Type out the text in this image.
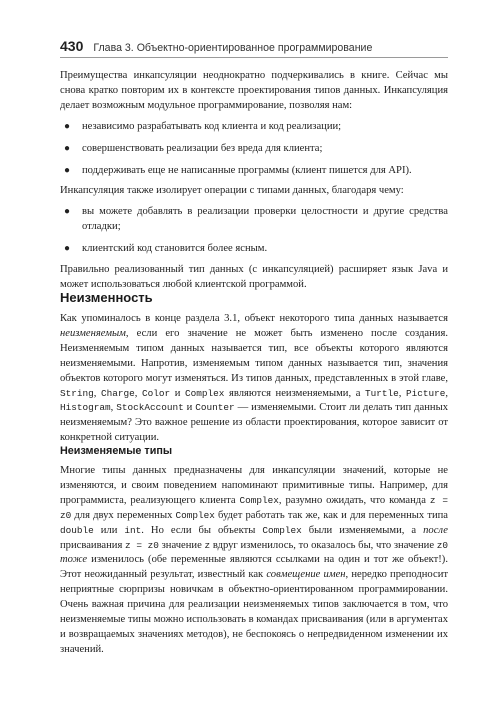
430 Глава 3. Объектно-ориентированное программирование

Преимущества инкапсуляции неоднократно подчеркивались в книге. Сейчас мы снова кратко повторим их в контексте проектирования типов данных. Инкапсуляция делает возможным модульное программирование, позволяя нам:

● независимо разрабатывать код клиента и код реализации;
● совершенствовать реализации без вреда для клиента;
● поддерживать еще не написанные программы (клиент пишется для API).

Инкапсуляция также изолирует операции с типами данных, благодаря чему:

● вы можете добавлять в реализации проверки целостности и другие средства отладки;
● клиентский код становится более ясным.

Правильно реализованный тип данных (с инкапсуляцией) расширяет язык Java и может использоваться любой клиентской программой.

Неизменность

Как упоминалось в конце раздела 3.1, объект некоторого типа данных называется неизменяемым, если его значение не может быть изменено после создания. Неизменяемым типом данных называется тип, все объекты которого являются неизменяемыми. Напротив, изменяемым типом данных называется тип, значения объектов которого могут изменяться. Из типов данных, представленных в этой главе, String, Charge, Color и Complex являются неизменяемыми, а Turtle, Picture, Histogram, StockAccount и Counter — изменяемыми. Стоит ли делать тип данных неизменяемым? Это важное решение из области проектирования, которое зависит от конкретной ситуации.

Неизменяемые типы

Многие типы данных предназначены для инкапсуляции значений, которые не изменяются, и своим поведением напоминают примитивные типы. Например, для программиста, реализующего клиента Complex, разумно ожидать, что команда z = z0 для двух переменных Complex будет работать так же, как и для переменных типа double или int. Но если бы объекты Complex были изменяемыми, а после присваивания z = z0 значение z вдруг изменилось, то оказалось бы, что значение z0 тоже изменилось (обе переменные являются ссылками на один и тот же объект!). Этот неожиданный результат, известный как совмещение имен, нередко преподносит неприятные сюрпризы новичкам в объектно-ориентированном программировании. Очень важная причина для реализации неизменяемых типов заключается в том, что неизменяемые типы можно использовать в командах присваивания (или в аргументах и возвращаемых значениях методов), не беспокоясь о непредвиденном изменении их значений.
